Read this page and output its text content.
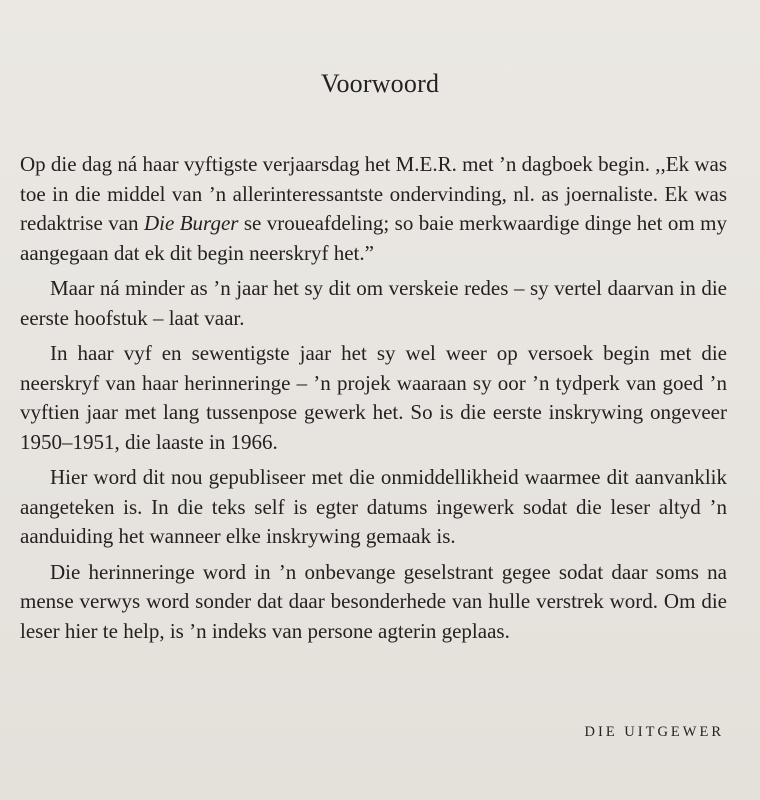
Voorwoord

Op die dag ná haar vyftigste verjaarsdag het M.E.R. met ’n dagboek begin. ,,Ek was toe in die middel van ’n allerinteressantste ondervinding, nl. as joernaliste. Ek was redaktrise van Die Burger se vroueafdeling; so baie merkwaardige dinge het om my aangegaan dat ek dit begin neerskryf het.”

Maar ná minder as ’n jaar het sy dit om verskeie redes – sy vertel daarvan in die eerste hoofstuk – laat vaar.

In haar vyf en sewentigste jaar het sy wel weer op versoek begin met die neerskryf van haar herinneringe – ’n projek waaraan sy oor ’n tydperk van goed ’n vyftien jaar met lang tussenpose gewerk het. So is die eerste inskrywing ongeveer 1950–1951, die laaste in 1966.

Hier word dit nou gepubliseer met die onmiddellikheid waarmee dit aanvanklik aangeteken is. In die teks self is egter datums ingewerk sodat die leser altyd ’n aanduiding het wanneer elke inskrywing gemaak is.

Die herinneringe word in ’n onbevange geselstrant gegee sodat daar soms na mense verwys word sonder dat daar besonderhede van hulle verstrek word. Om die leser hier te help, is ’n indeks van persone agterin geplaas.

DIE UITGEWER
